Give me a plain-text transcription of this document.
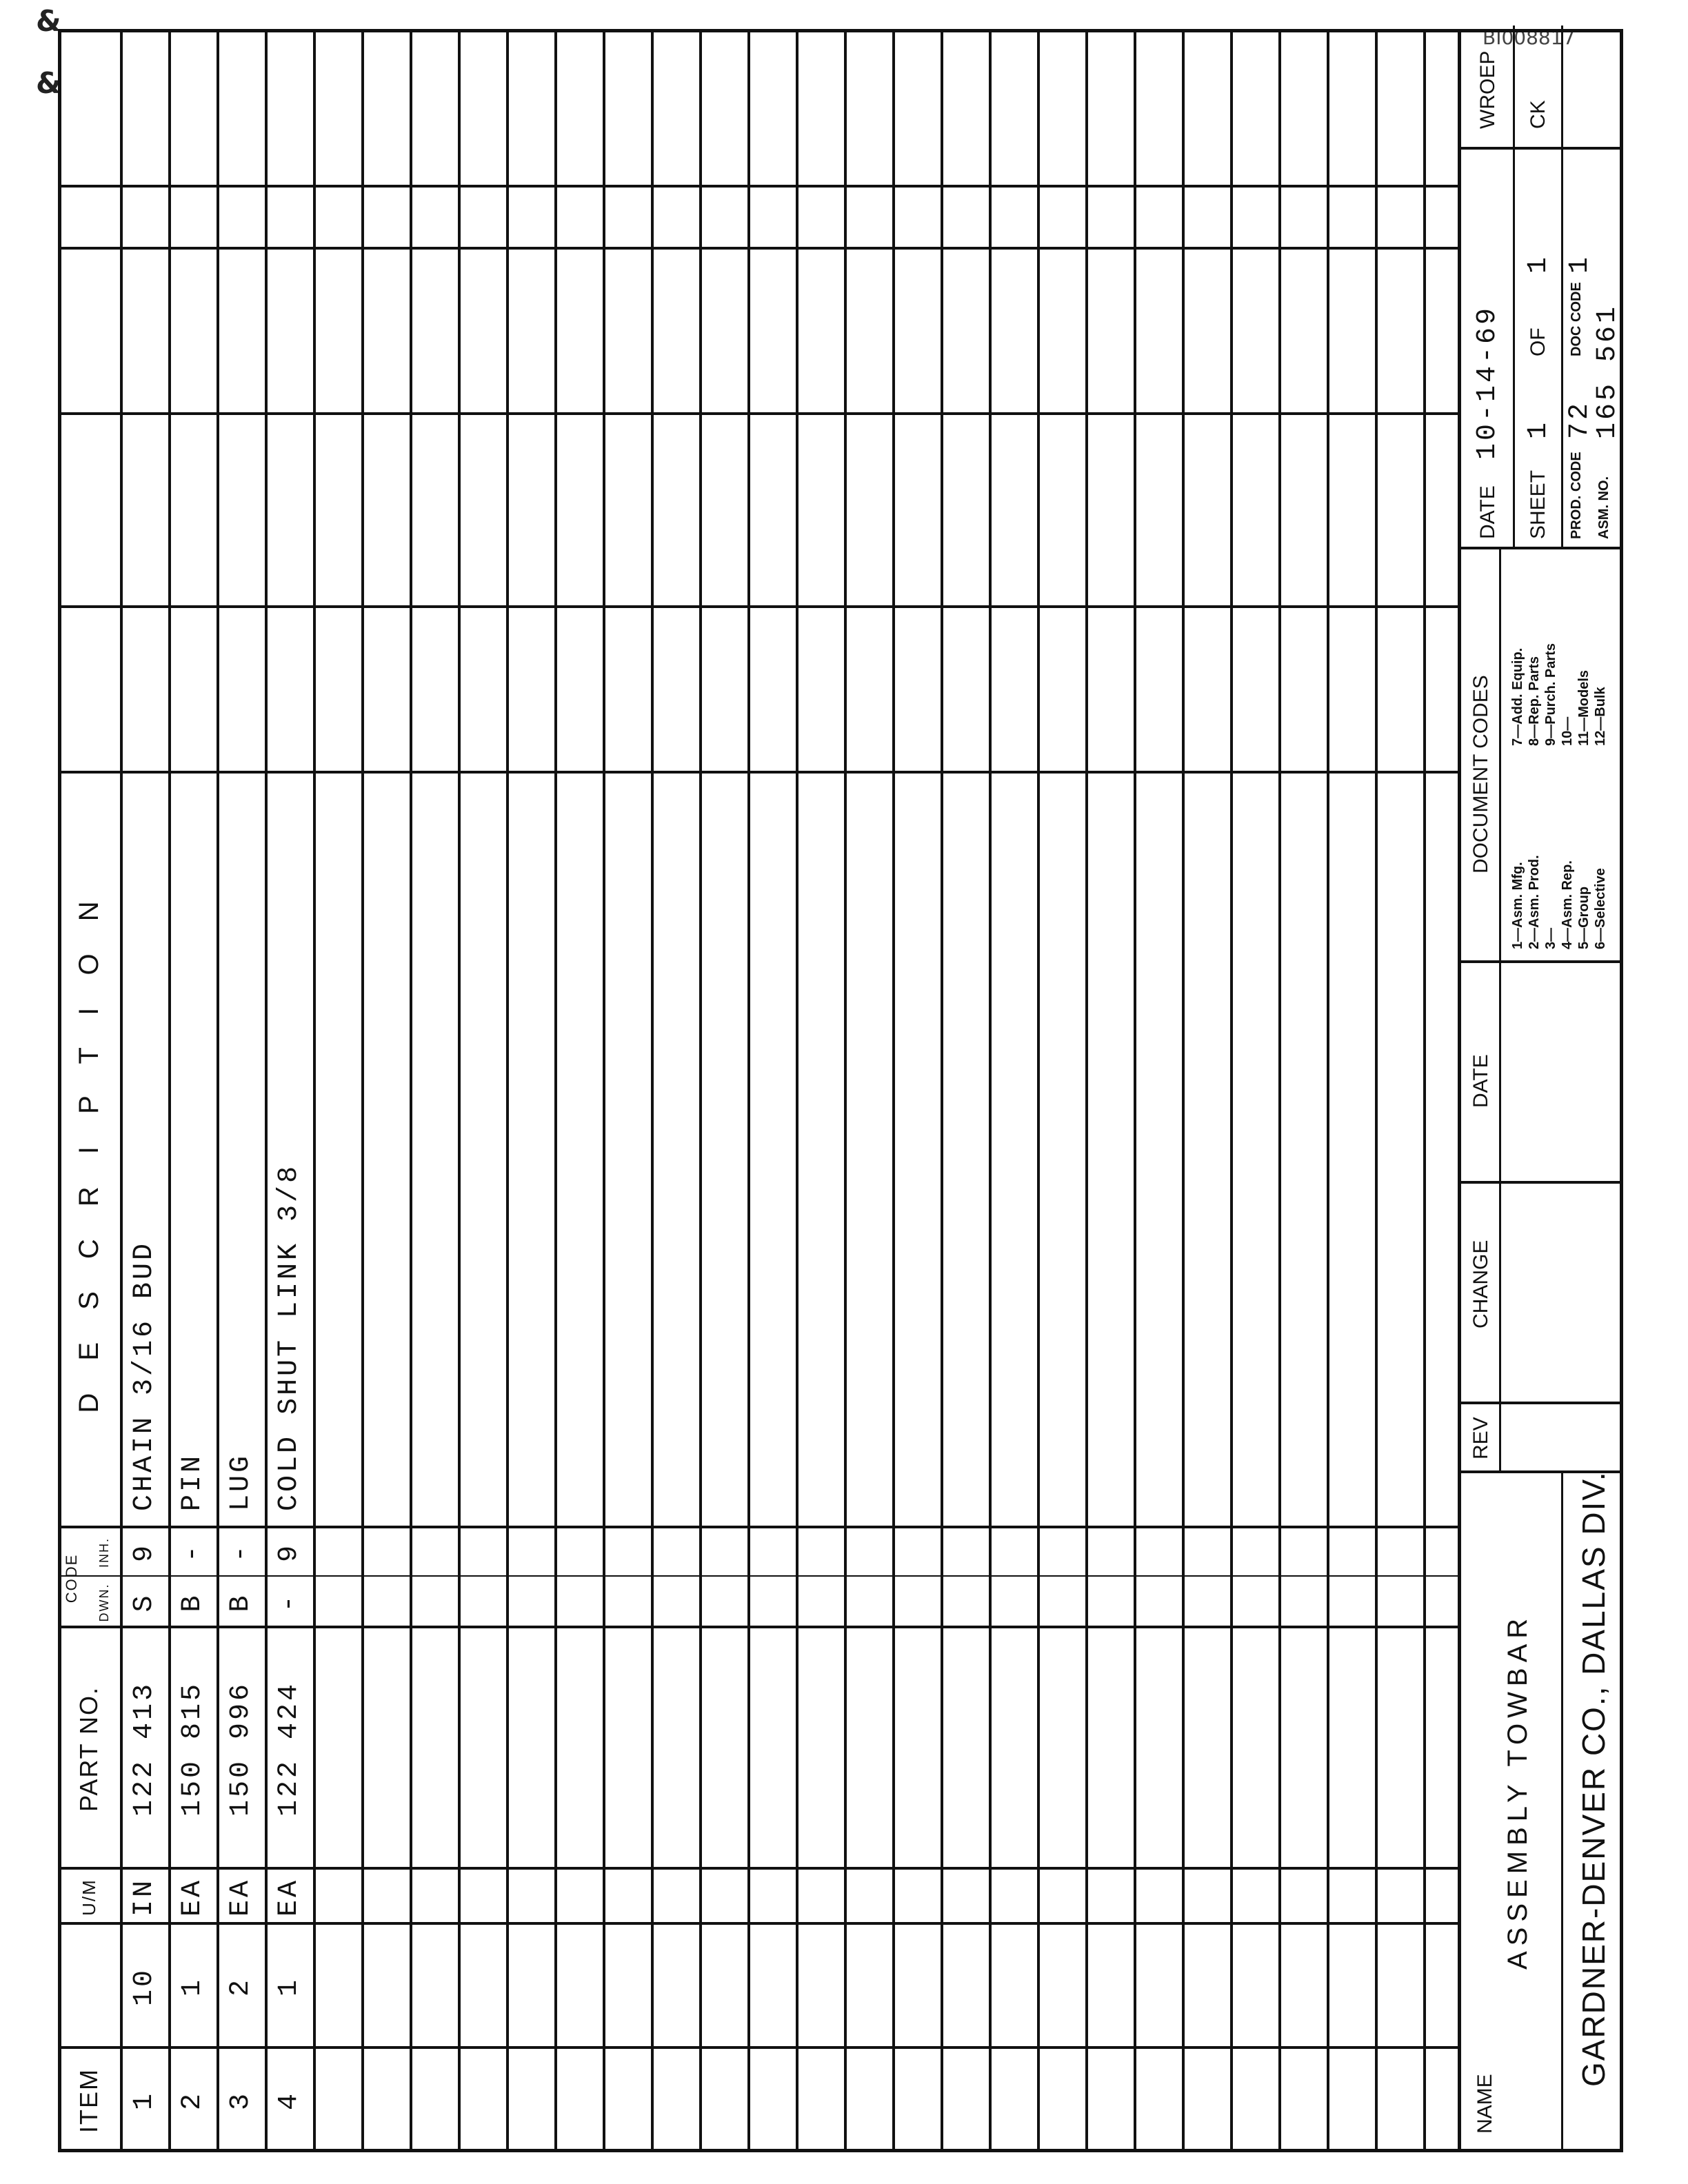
BI008817
&
&
ITEM
U/M
PART NO.
CODE	DWN.
INH.
D E S C R I P T I O N
1
10
IN
122 413
S
9
CHAIN 3/16 BUD
2
1
EA
150 815
B
-
PIN
3
2
EA
150 996
B
-
LUG
4
1
EA
122 424
-
9
COLD SHUT LINK 3/8
NAME
ASSEMBLY TOWBAR GARDNER-DENVER CO., DALLAS DIV.
REV
CHANGE
DATE
DOCUMENT CODES
1—Asm. Mfg.
2—Asm. Prod.
3—
4—Asm. Rep.
5—Group
6—Selective
7—Add. Equip.
8—Rep. Parts
9—Purch. Parts
10—
11—Models
12—Bulk
DATE
10-14-69
SHEET
1
OF
1
PROD. CODE
72
DOC CODE
1
ASM. NO.
165 561
WROEP CK
